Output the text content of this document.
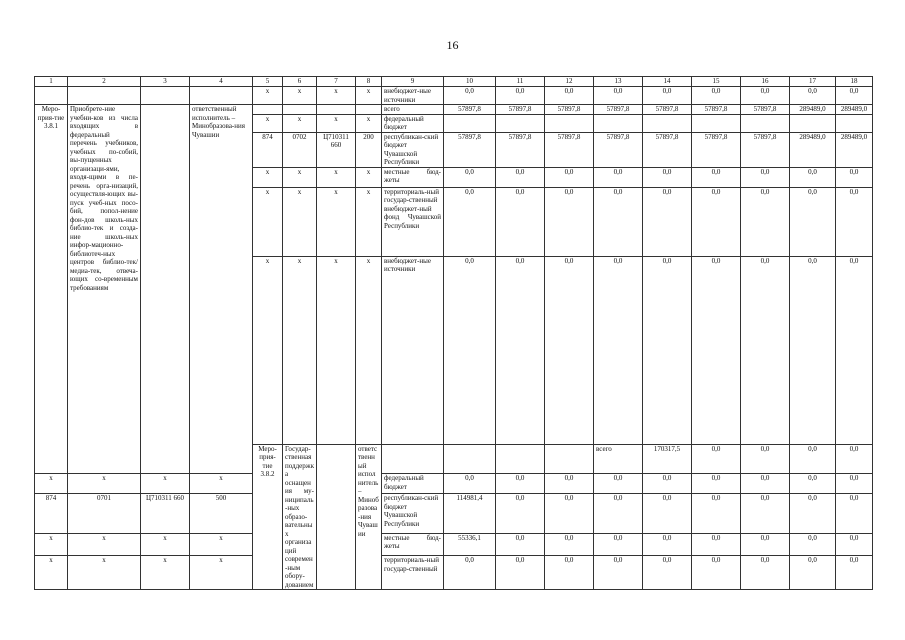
16
1	2	3	4	5	6	7	8	9	10	11	12	13	14	15	16	17	18	
				x	x	x	x	внебюджет-ные источники	0,0	0,0	0,0	0,0	0,0	0,0	0,0	0,0	0,0	
Меро-прия-тие 3.8.1	Приобрете-ние учебни-ков из числа входящих в федеральный перечень учебников, учебных по-собий, вы-пущенных организаци-ями, входя-щими в пе-речень орга-низаций, осуществля-ющих вы-пуск учеб-ных посо-бий, попол-нение фон-дов школь-ных библио-тек и созда-ние школь-ных инфор-мационно-библиотеч-ных центров библио-тек/медиа-тек, отвеча-ющих со-временным требованиям		ответственный исполнитель – Минобразова-ния Чувашии					всего	57897,8	57897,8	57897,8	57897,8	57897,8	57897,8	57897,8	289489,0	289489,0	
				x	x	x	x	федеральный бюджет										
				874	0702	Ц710311 660	200	республикан-ский бюджет Чувашской Республики	57897,8	57897,8	57897,8	57897,8	57897,8	57897,8	57897,8	289489,0	289489,0	
				x	x	x	x	местные бюд-жеты	0,0	0,0	0,0	0,0	0,0	0,0	0,0	0,0	0,0	
				x	x	x	x	территориаль-ный государ-ственный внебюджет-ный фонд Чувашской Республики	0,0	0,0	0,0	0,0	0,0	0,0	0,0	0,0	0,0	
				x	x	x	x	внебюджет-ные источники	0,0	0,0	0,0	0,0	0,0	0,0	0,0	0,0	0,0	
				Меро-прия-тие 3.8.2	Государ-ственная поддержка оснащения му-ниципаль-ных образо-вательных организаций современ-ным обору-дованием		ответственный исполнитель – Минобразова-ния Чувашии					всего	170317,5	0,0	0,0	0,0	0,0				
x	x	x	x					федеральный бюджет	0,0	0,0	0,0	0,0	0,0	0,0	0,0	0,0	0,0	
874	0701	Ц710311 660	500					республикан-ский бюджет Чувашской Республики	114981,4	0,0	0,0	0,0	0,0	0,0	0,0	0,0	0,0	
x	x	x	x					местные бюд-жеты	55336,1	0,0	0,0	0,0	0,0	0,0	0,0	0,0	0,0	
x	x	x	x					территориаль-ный государ-ственный	0,0	0,0	0,0	0,0	0,0	0,0	0,0	0,0	0,0	
